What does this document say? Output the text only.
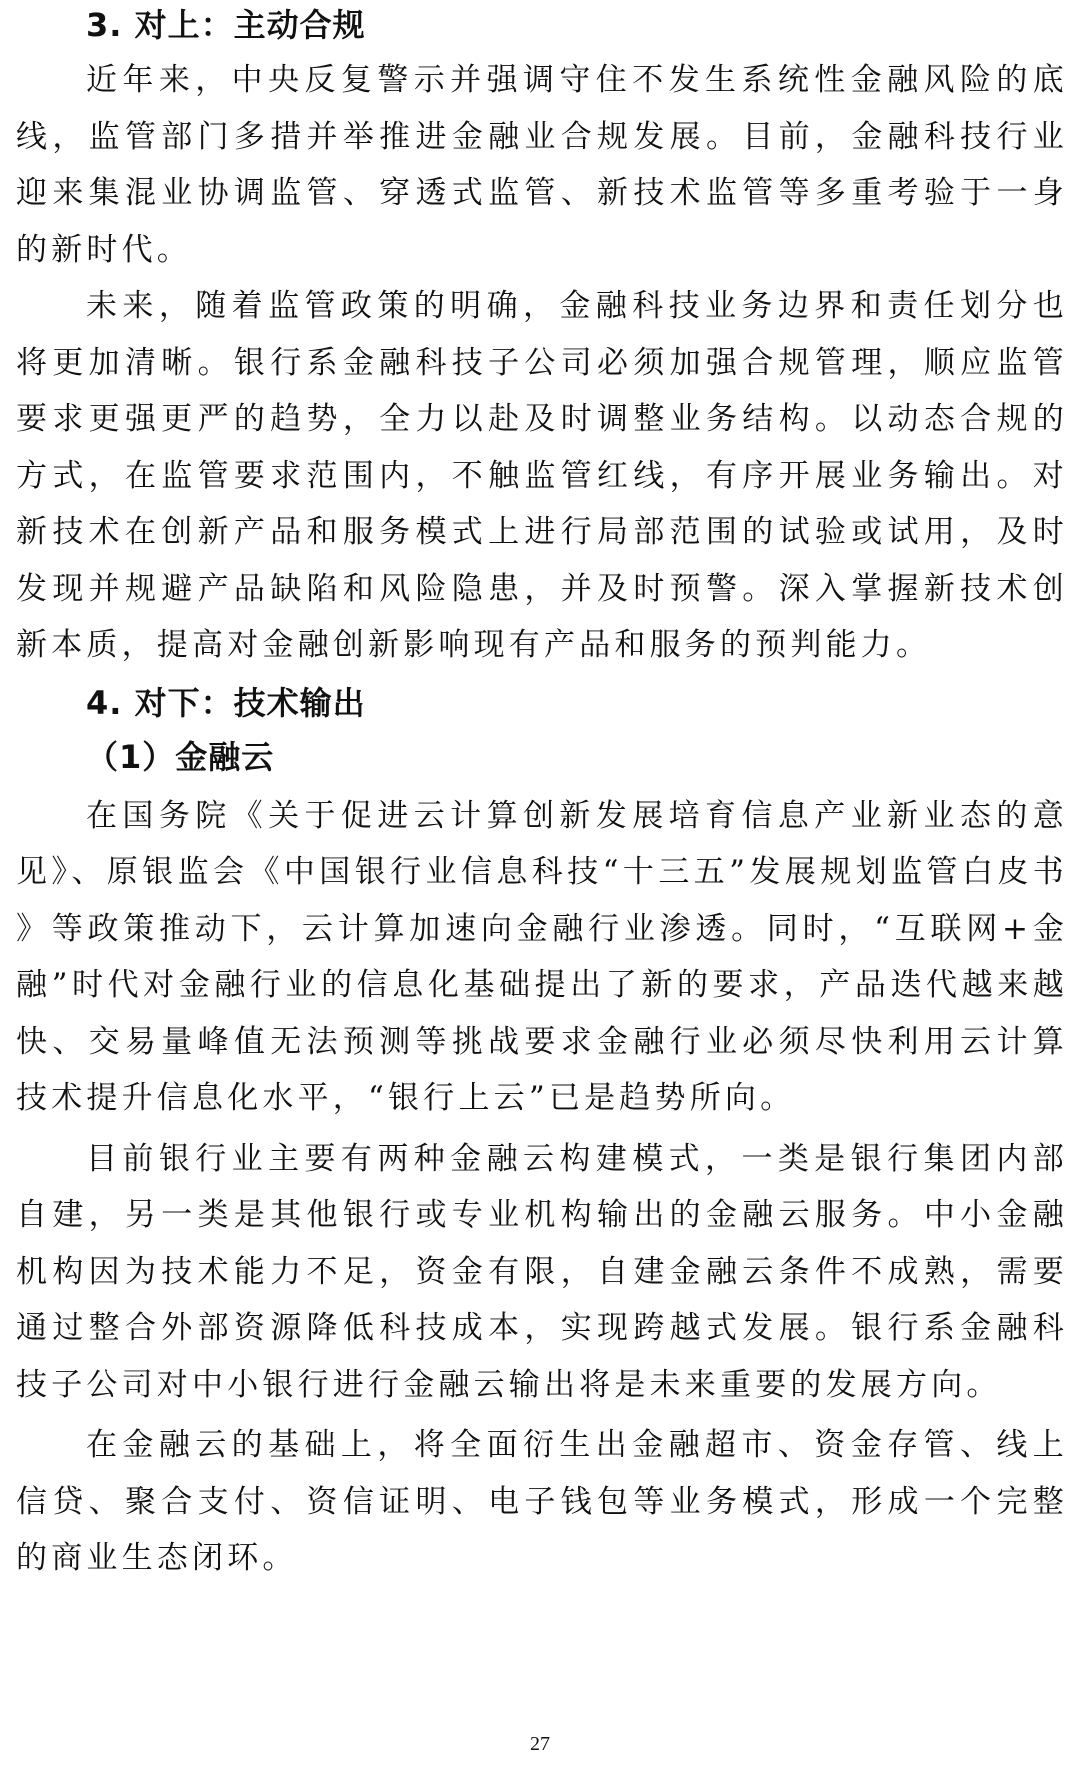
3. 对上：主动合规

近年来，中央反复警示并强调守住不发生系统性金融风险的底线，监管部门多措并举推进金融业合规发展。目前，金融科技行业迎来集混业协调监管、穿透式监管、新技术监管等多重考验于一身的新时代。

未来，随着监管政策的明确，金融科技业务边界和责任划分也将更加清晰。银行系金融科技子公司必须加强合规管理，顺应监管要求更强更严的趋势，全力以赴及时调整业务结构。以动态合规的方式，在监管要求范围内，不触监管红线，有序开展业务输出。对新技术在创新产品和服务模式上进行局部范围的试验或试用，及时发现并规避产品缺陷和风险隐患，并及时预警。深入掌握新技术创新本质，提高对金融创新影响现有产品和服务的预判能力。

4. 对下：技术输出
（1）金融云

在国务院《关于促进云计算创新发展培育信息产业新业态的意见》、原银监会《中国银行业信息科技“十三五”发展规划监管白皮书》等政策推动下，云计算加速向金融行业渗透。同时，“互联网+金融”时代对金融行业的信息化基础提出了新的要求，产品迭代越来越快、交易量峰值无法预测等挑战要求金融行业必须尽快利用云计算技术提升信息化水平，“银行上云”已是趋势所向。

目前银行业主要有两种金融云构建模式，一类是银行集团内部自建，另一类是其他银行或专业机构输出的金融云服务。中小金融机构因为技术能力不足，资金有限，自建金融云条件不成熟，需要通过整合外部资源降低科技成本，实现跨越式发展。银行系金融科技子公司对中小银行进行金融云输出将是未来重要的发展方向。

在金融云的基础上，将全面衍生出金融超市、资金存管、线上信贷、聚合支付、资信证明、电子钱包等业务模式，形成一个完整的商业生态闭环。

27
